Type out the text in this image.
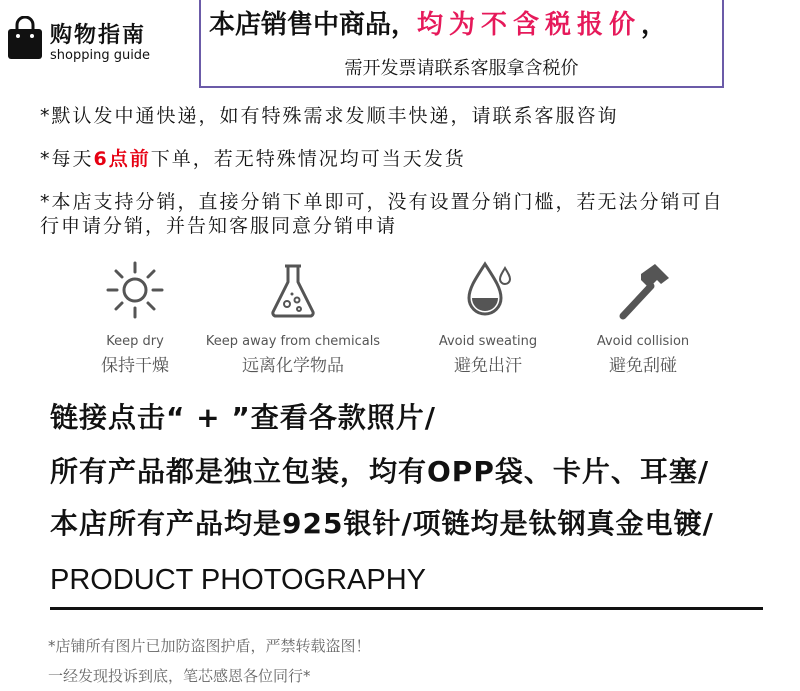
购物指南
shopping guide
本店销售中商品，均为不含税报价，
需开发票请联系客服拿含税价
*默认发中通快递，如有特殊需求发顺丰快递，请联系客服咨询
*每天6点前下单，若无特殊情况均可当天发货
*本店支持分销，直接分销下单即可，没有设置分销门槛，若无法分销可自行申请分销，并告知客服同意分销申请
Keep dry
保持干燥
Keep away from chemicals
远离化学物品
Avoid sweating
避免出汗
Avoid collision
避免刮碰
链接点击“ + ”查看各款照片/
所有产品都是独立包装，均有OPP袋、卡片、耳塞/
本店所有产品均是925银针/项链均是钛钢真金电镀/
PRODUCT PHOTOGRAPHY
*店铺所有图片已加防盗图护盾，严禁转载盗图！
一经发现投诉到底，笔芯感恩各位同行*
